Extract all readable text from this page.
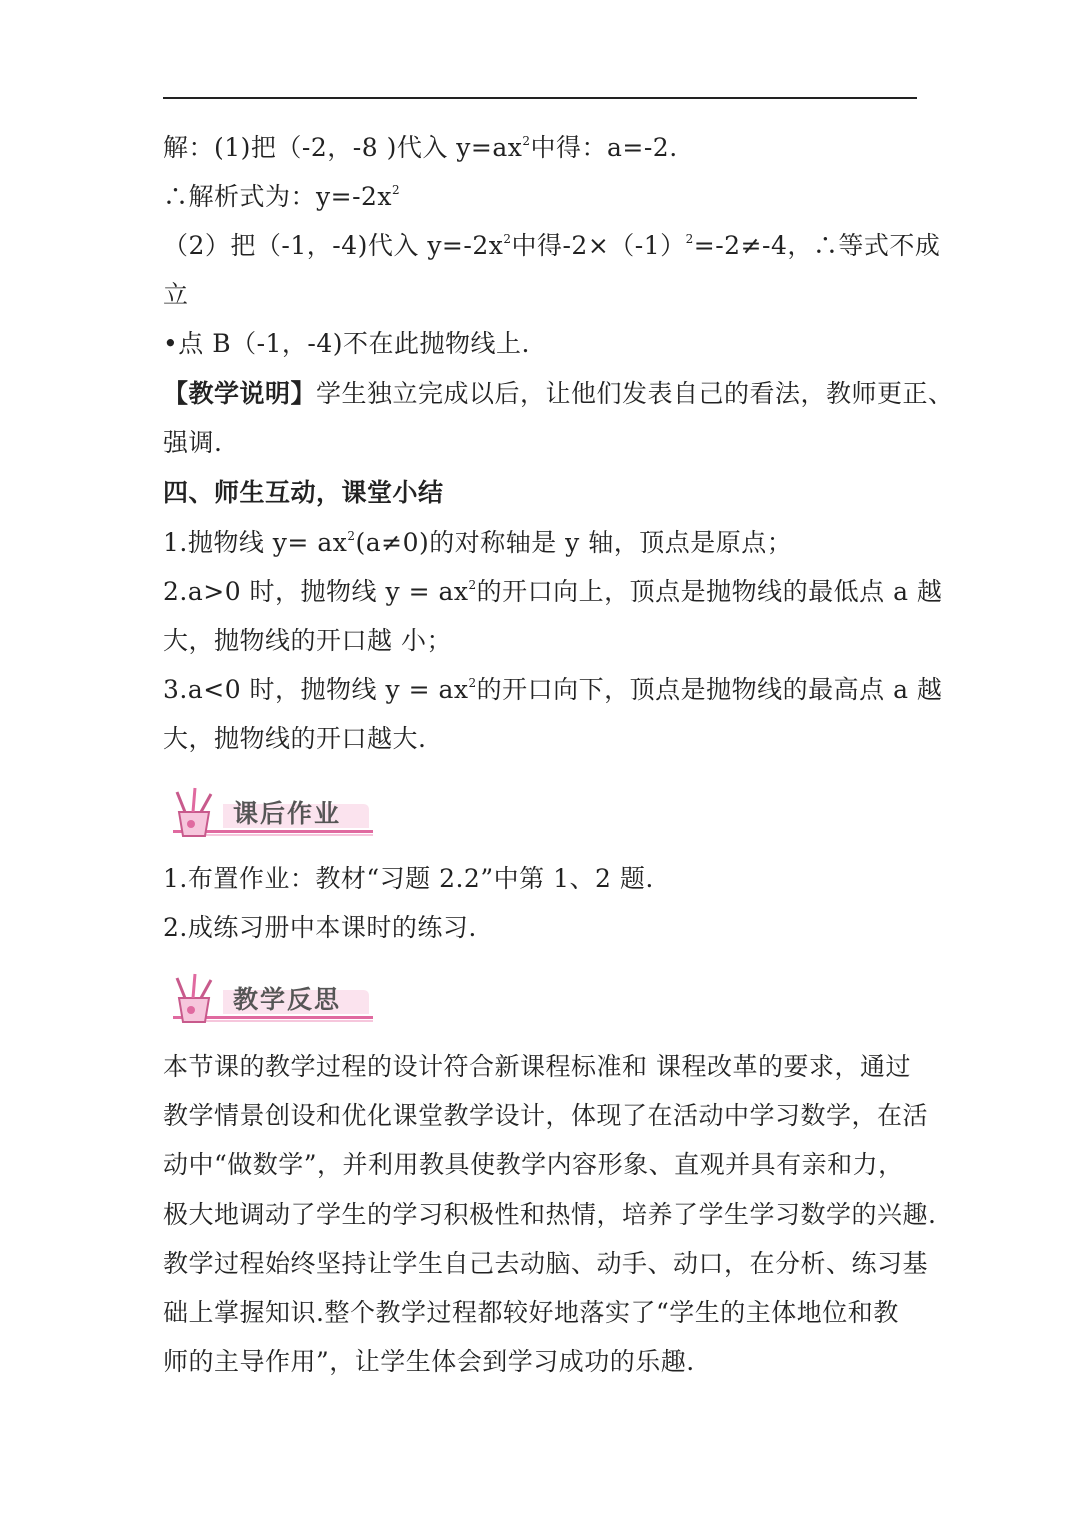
解：(1)把（-2，-8 )代入 $y=ax^2$中得：a=-2.
∴解析式为：$y=-2x^2$
（2）把（-1，-4)代入 $y=-2x^2$中得$-2\times(-1)^2=-2\ne-4$，∴等式不成
立
•点 B（-1，-4)不在此抛物线上.
【教学说明】学生独立完成以后，让他们发表自己的看法，教师更正、
强调.
四、师生互动，课堂小结
1.抛物线 $y= ax^2(a\ne 0)$的对称轴是 y 轴，顶点是原点；
2.a>0 时，抛物线 $y = ax^2$的开口向上，顶点是抛物线的最低点 a 越
大，抛物线的开口越 小；
3.a<0 时，抛物线 $y = ax^2$的开口向下，顶点是抛物线的最高点 a 越
大，抛物线的开口越大.
课后作业
1.布置作业：教材“习题 2.2”中第 1、2 题.
2.成练习册中本课时的练习.
教学反思
本节课的教学过程的设计符合新课程标准和 课程改革的要求，通过
教学情景创设和优化课堂教学设计，体现了在活动中学习数学，在活
动中“做数学”，并利用教具使教学内容形象、直观并具有亲和力，
极大地调动了学生的学习积极性和热情，培养了学生学习数学的兴趣.
教学过程始终坚持让学生自己去动脑、动手、动口，在分析、练习基
础上掌握知识.整个教学过程都较好地落实了“学生的主体地位和教
师的主导作用”，让学生体会到学习成功的乐趣.
